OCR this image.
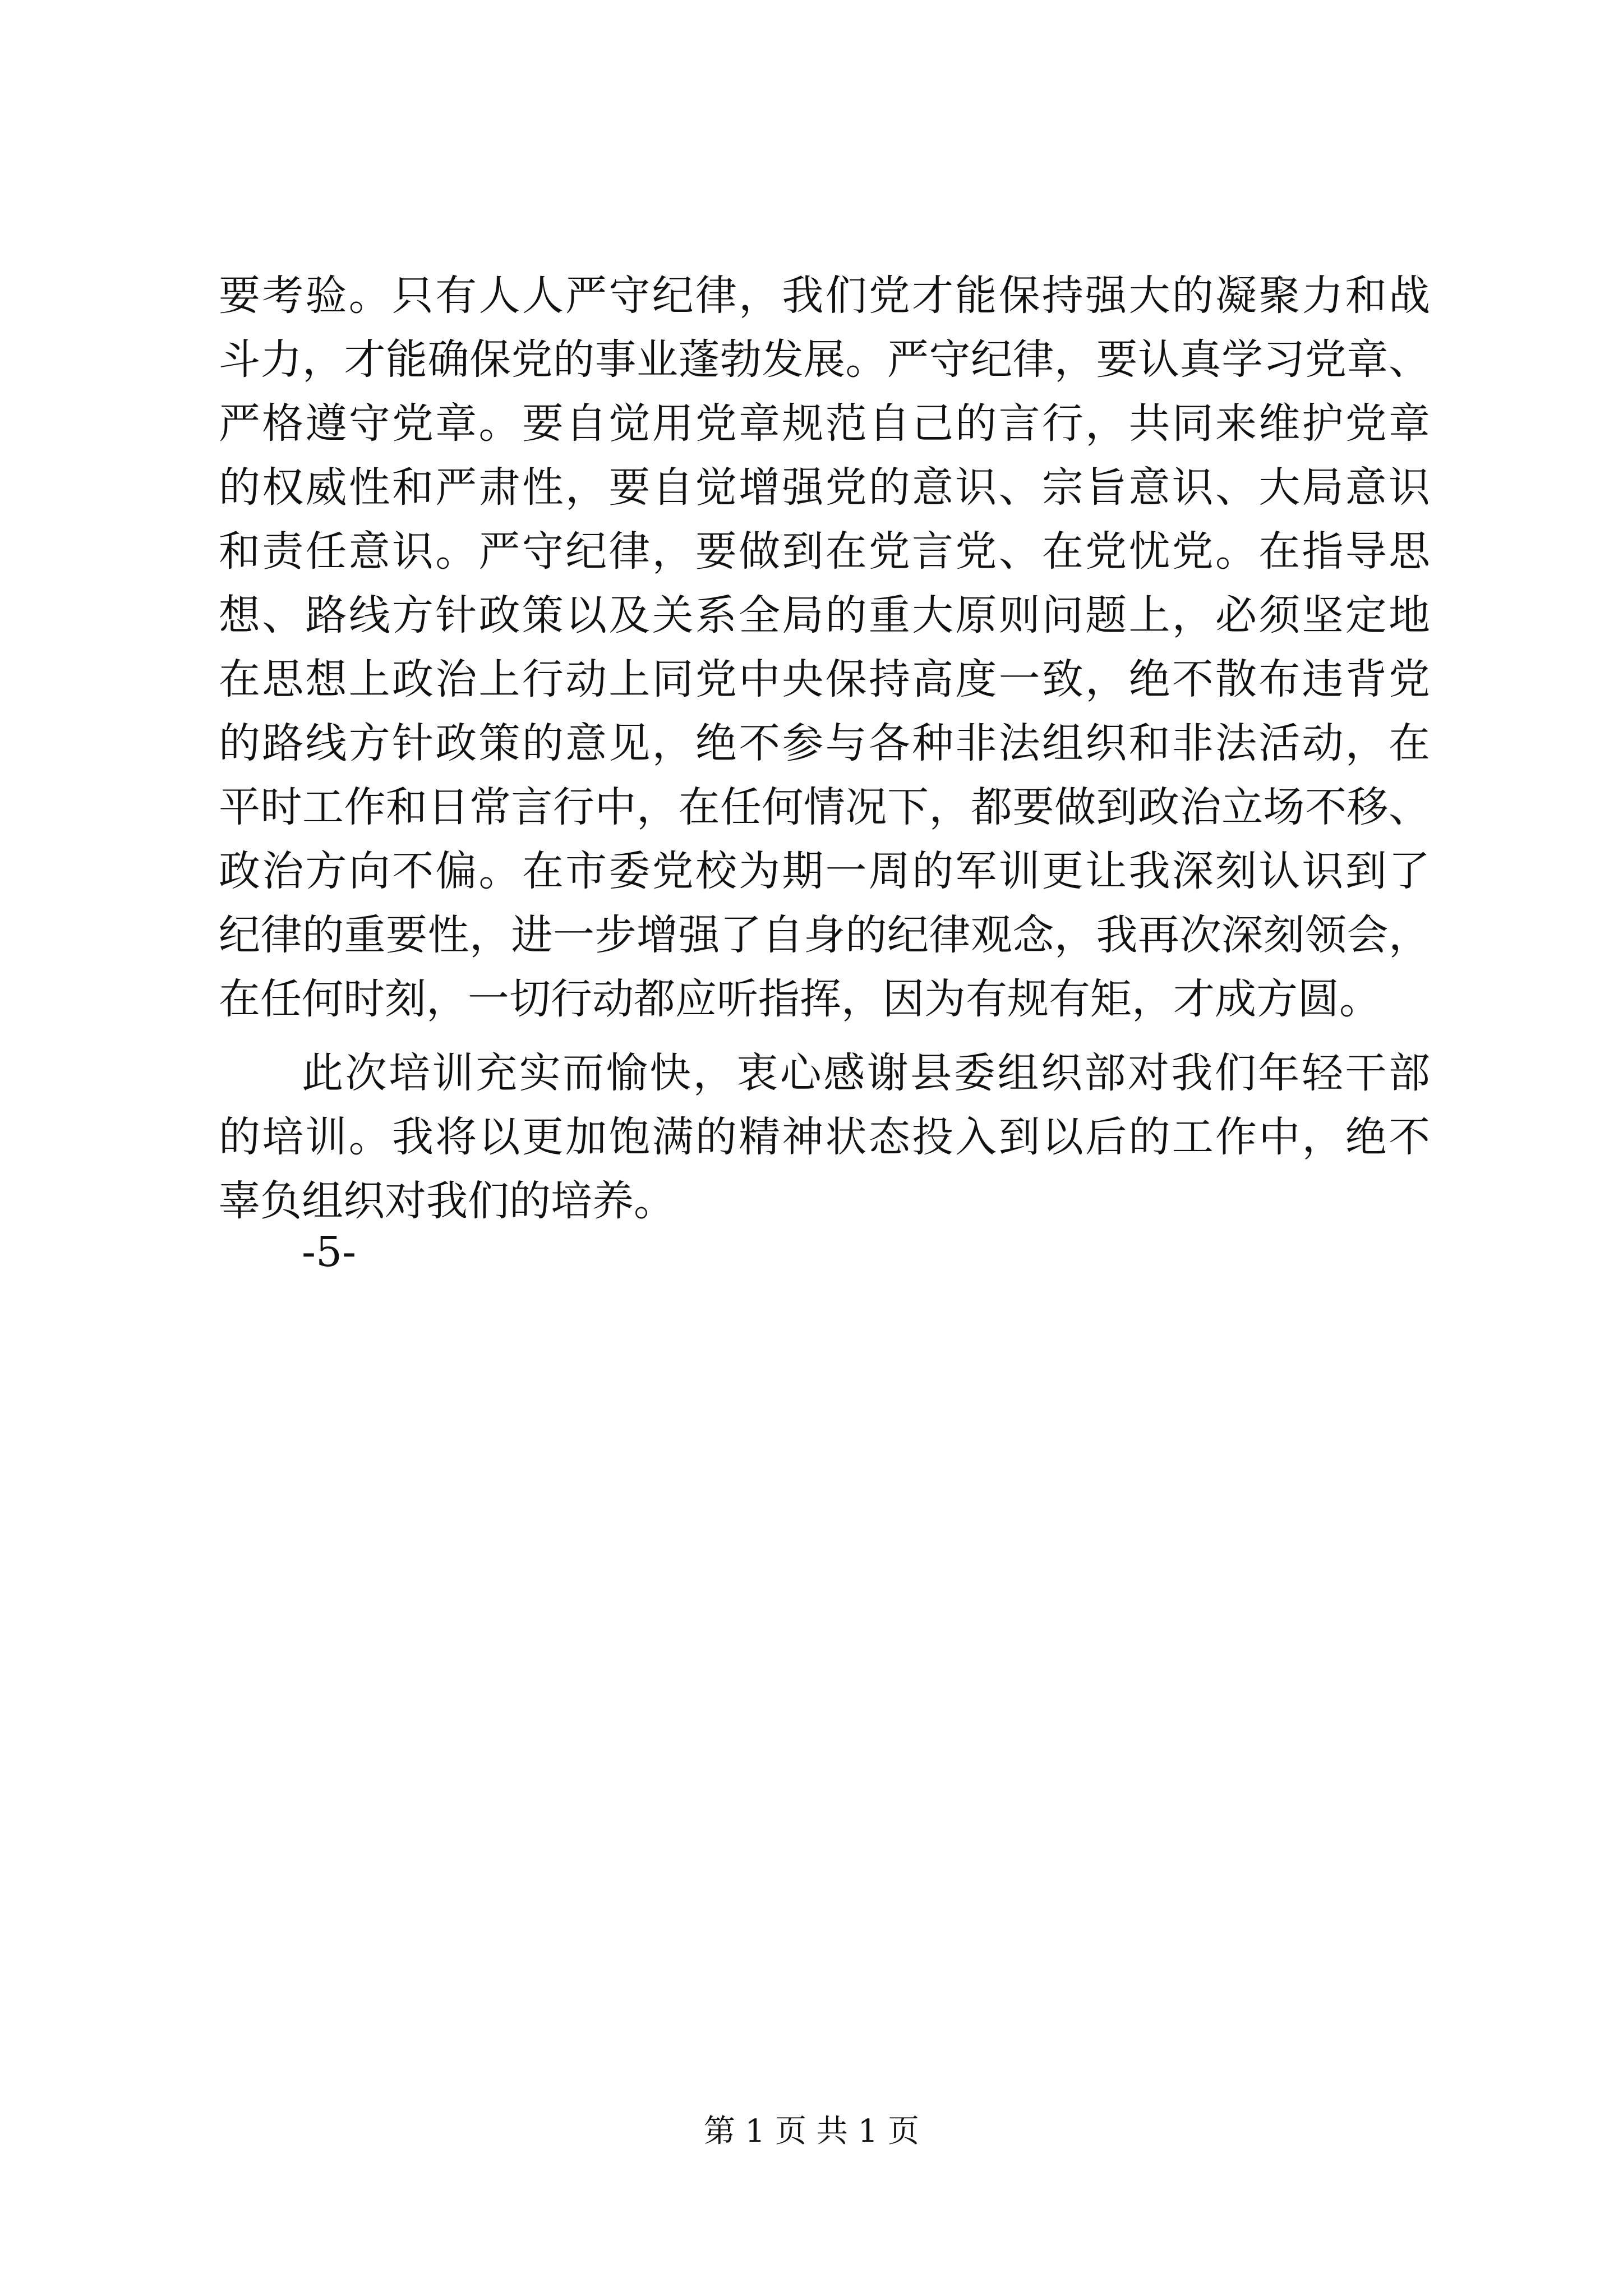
要考验。只有人人严守纪律，我们党才能保持强大的凝聚力和战
斗力，才能确保党的事业蓬勃发展。严守纪律，要认真学习党章、
严格遵守党章。要自觉用党章规范自己的言行，共同来维护党章
的权威性和严肃性，要自觉增强党的意识、宗旨意识、大局意识
和责任意识。严守纪律，要做到在党言党、在党忧党。在指导思
想、路线方针政策以及关系全局的重大原则问题上，必须坚定地
在思想上政治上行动上同党中央保持高度一致，绝不散布违背党
的路线方针政策的意见，绝不参与各种非法组织和非法活动，在
平时工作和日常言行中，在任何情况下，都要做到政治立场不移、
政治方向不偏。在市委党校为期一周的军训更让我深刻认识到了
纪律的重要性，进一步增强了自身的纪律观念，我再次深刻领会，
在任何时刻，一切行动都应听指挥，因为有规有矩，才成方圆。
此次培训充实而愉快，衷心感谢县委组织部对我们年轻干部
的培训。我将以更加饱满的精神状态投入到以后的工作中，绝不
辜负组织对我们的培养。
-5-
第 1 页 共 1 页
